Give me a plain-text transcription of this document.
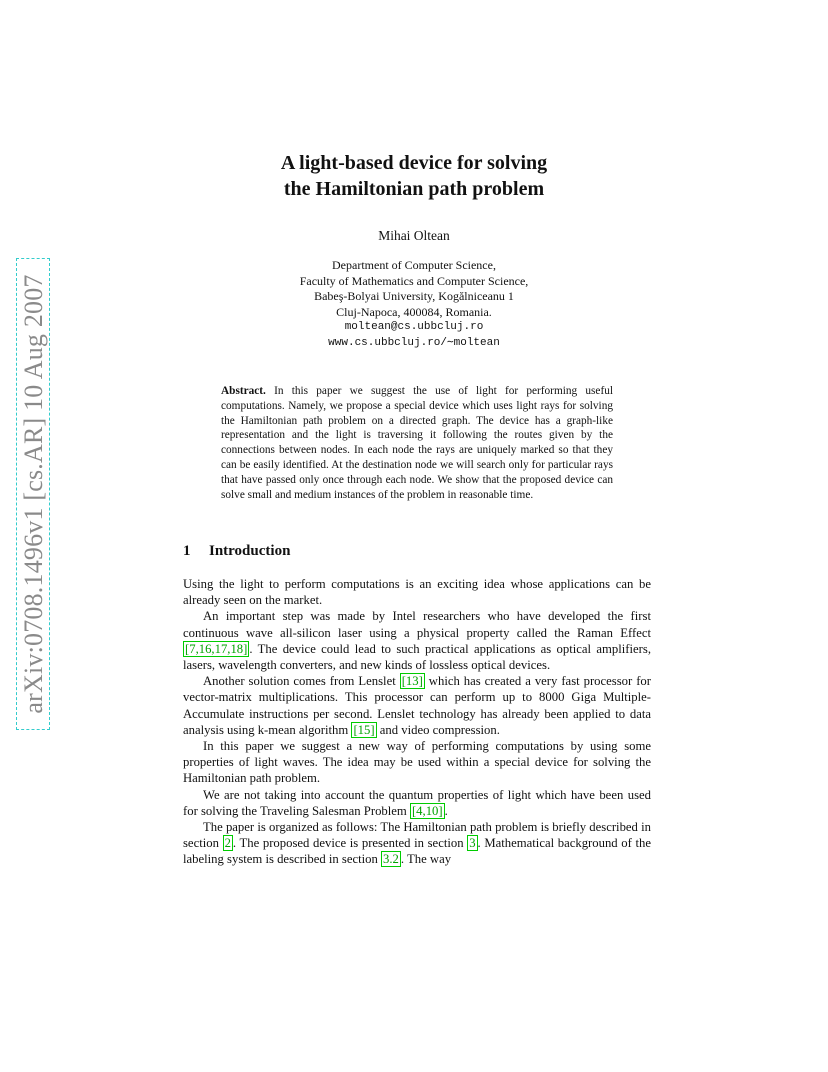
arXiv:0708.1496v1 [cs.AR] 10 Aug 2007
A light-based device for solving
the Hamiltonian path problem
Mihai Oltean
Department of Computer Science,
Faculty of Mathematics and Computer Science,
Babeş-Bolyai University, Kogălniceanu 1
Cluj-Napoca, 400084, Romania.
moltean@cs.ubbcluj.ro
www.cs.ubbcluj.ro/∼moltean
Abstract. In this paper we suggest the use of light for performing useful computations. Namely, we propose a special device which uses light rays for solving the Hamiltonian path problem on a directed graph. The device has a graph-like representation and the light is traversing it following the routes given by the connections between nodes. In each node the rays are uniquely marked so that they can be easily identified. At the destination node we will search only for particular rays that have passed only once through each node. We show that the proposed device can solve small and medium instances of the problem in reasonable time.
1 Introduction

Using the light to perform computations is an exciting idea whose applications can be already seen on the market.

An important step was made by Intel researchers who have developed the first continuous wave all-silicon laser using a physical property called the Raman Effect [7,16,17,18] . The device could lead to such practical applications as optical amplifiers, lasers, wavelength converters, and new kinds of lossless optical devices.

Another solution comes from Lenslet [13] which has created a very fast processor for vector-matrix multiplications. This processor can perform up to 8000 Giga Multiple-Accumulate instructions per second. Lenslet technology has already been applied to data analysis using k-mean algorithm [15] and video compression.

In this paper we suggest a new way of performing computations by using some properties of light waves. The idea may be used within a special device for solving the Hamiltonian path problem.

We are not taking into account the quantum properties of light which have been used for solving the Traveling Salesman Problem [4,10] .

The paper is organized as follows: The Hamiltonian path problem is briefly described in section 2 . The proposed device is presented in section 3 . Mathematical background of the labeling system is described in section 3.2 . The way
